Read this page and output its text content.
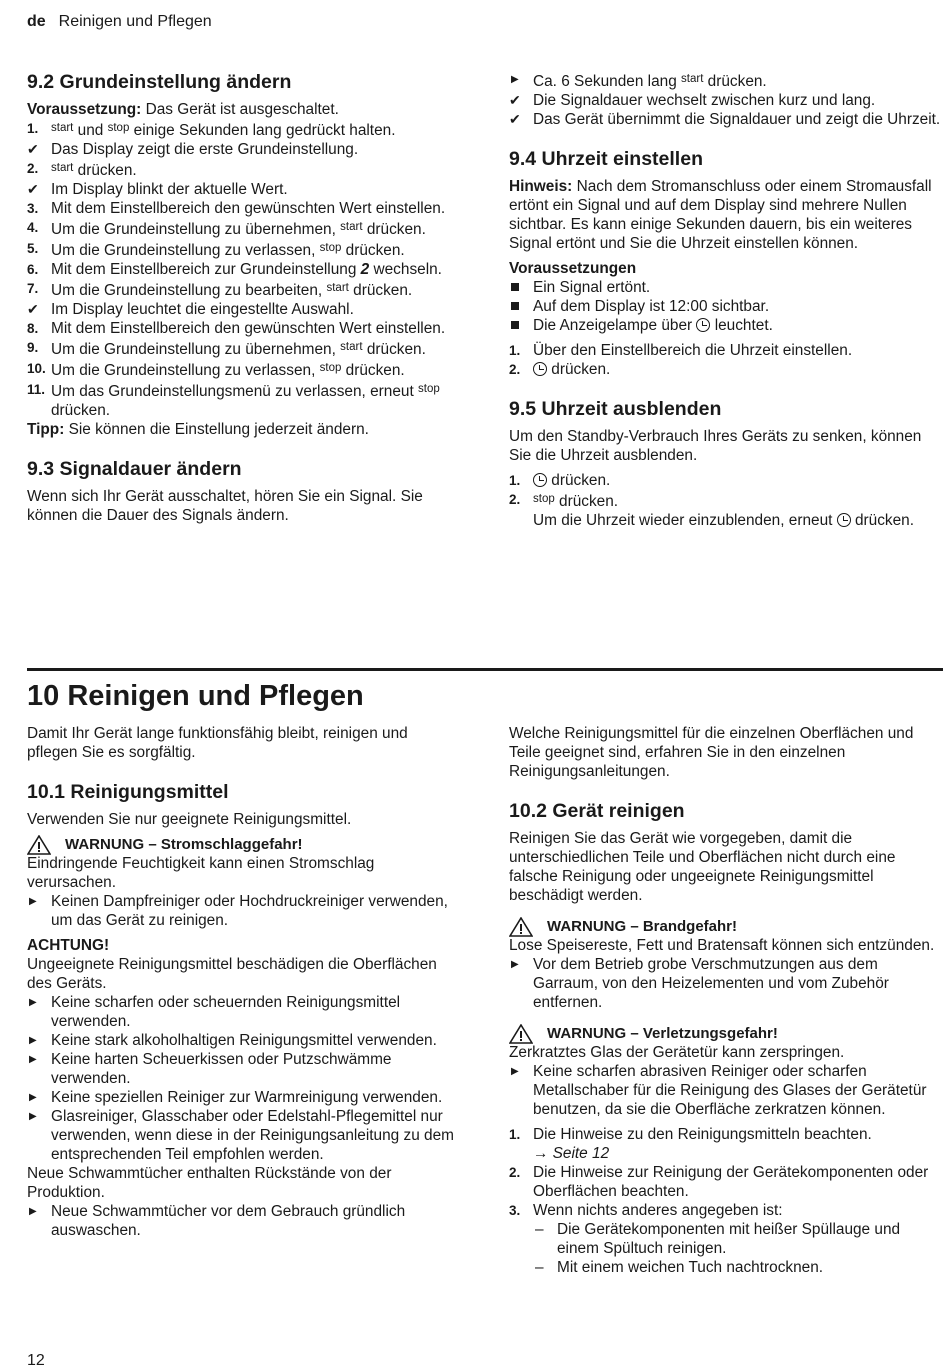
de Reinigen und Pflegen
9.2 Grundeinstellung ändern

Voraussetzung: Das Gerät ist ausgeschaltet.

1. $^{start}$ und $^{stop}$ einige Sekunden lang gedrückt halten.
✔ Das Display zeigt die erste Grundeinstellung.
2. $^{start}$ drücken.
✔ Im Display blinkt der aktuelle Wert.
3. Mit dem Einstellbereich den gewünschten Wert einstellen.
4. Um die Grundeinstellung zu übernehmen, $^{start}$ drücken.
5. Um die Grundeinstellung zu verlassen, $^{stop}$ drücken.
6. Mit dem Einstellbereich zur Grundeinstellung 2 wechseln.
7. Um die Grundeinstellung zu bearbeiten, $^{start}$ drücken.
✔ Im Display leuchtet die eingestellte Auswahl.
8. Mit dem Einstellbereich den gewünschten Wert einstellen.
9. Um die Grundeinstellung zu übernehmen, $^{start}$ drücken.
10. Um die Grundeinstellung zu verlassen, $^{stop}$ drücken.
11. Um das Grundeinstellungsmenü zu verlassen, erneut $^{stop}$ drücken.

Tipp: Sie können die Einstellung jederzeit ändern.

9.3 Signaldauer ändern

Wenn sich Ihr Gerät ausschaltet, hören Sie ein Signal. Sie können die Dauer des Signals ändern.

▶ Ca. 6 Sekunden lang $^{start}$ drücken.
✔ Die Signaldauer wechselt zwischen kurz und lang.
✔ Das Gerät übernimmt die Signaldauer und zeigt die Uhrzeit.
9.4 Uhrzeit einstellen

Hinweis: Nach dem Stromanschluss oder einem Stromausfall ertönt ein Signal und auf dem Display sind mehrere Nullen sichtbar. Es kann einige Sekunden dauern, bis ein weiteres Signal ertönt und Sie die Uhrzeit einstellen können.

Voraussetzungen

Ein Signal ertönt.
Auf dem Display ist 12:00 sichtbar.
Die Anzeigelampe über  leuchtet.
1. Über den Einstellbereich die Uhrzeit einstellen.
2. drücken.
9.5 Uhrzeit ausblenden

Um den Standby-Verbrauch Ihres Geräts zu senken, können Sie die Uhrzeit ausblenden.

1. drücken.
2. $^{stop}$ drücken.
Um die Uhrzeit wieder einzublenden, erneut  drücken.
10 Reinigen und Pflegen

Damit Ihr Gerät lange funktionsfähig bleibt, reinigen und pflegen Sie es sorgfältig.

10.1 Reinigungsmittel

Verwenden Sie nur geeignete Reinigungsmittel.

WARNUNG – Stromschlaggefahr!

Eindringende Feuchtigkeit kann einen Stromschlag verursachen.

▶ Keinen Dampfreiniger oder Hochdruckreiniger verwenden, um das Gerät zu reinigen.

ACHTUNG!

Ungeeignete Reinigungsmittel beschädigen die Oberflächen des Geräts.

▶ Keine scharfen oder scheuernden Reinigungsmittel verwenden.
▶ Keine stark alkoholhaltigen Reinigungsmittel verwenden.
▶ Keine harten Scheuerkissen oder Putzschwämme verwenden.
▶ Keine speziellen Reiniger zur Warmreinigung verwenden.
▶ Glasreiniger, Glasschaber oder Edelstahl-Pflegemittel nur verwenden, wenn diese in der Reinigungsanleitung zu dem entsprechenden Teil empfohlen werden.

Neue Schwammtücher enthalten Rückstände von der Produktion.

▶ Neue Schwammtücher vor dem Gebrauch gründlich auswaschen.

Welche Reinigungsmittel für die einzelnen Oberflächen und Teile geeignet sind, erfahren Sie in den einzelnen Reinigungsanleitungen.

10.2 Gerät reinigen

Reinigen Sie das Gerät wie vorgegeben, damit die unterschiedlichen Teile und Oberflächen nicht durch eine falsche Reinigung oder ungeeignete Reinigungsmittel beschädigt werden.

WARNUNG – Brandgefahr!

Lose Speisereste, Fett und Bratensaft können sich entzünden.

▶ Vor dem Betrieb grobe Verschmutzungen aus dem Garraum, von den Heizelementen und vom Zubehör entfernen.
WARNUNG – Verletzungsgefahr!

Zerkratztes Glas der Gerätetür kann zerspringen.

▶ Keine scharfen abrasiven Reiniger oder scharfen Metallschaber für die Reinigung des Glases der Gerätetür benutzen, da sie die Oberfläche zerkratzen können.
1. Die Hinweise zu den Reinigungsmitteln beachten.
→ Seite 12
2. Die Hinweise zur Reinigung der Gerätekomponenten oder Oberflächen beachten.
3. Wenn nichts anderes angegeben ist:
– Die Gerätekomponenten mit heißer Spüllauge und einem Spültuch reinigen.
– Mit einem weichen Tuch nachtrocknen.
12
